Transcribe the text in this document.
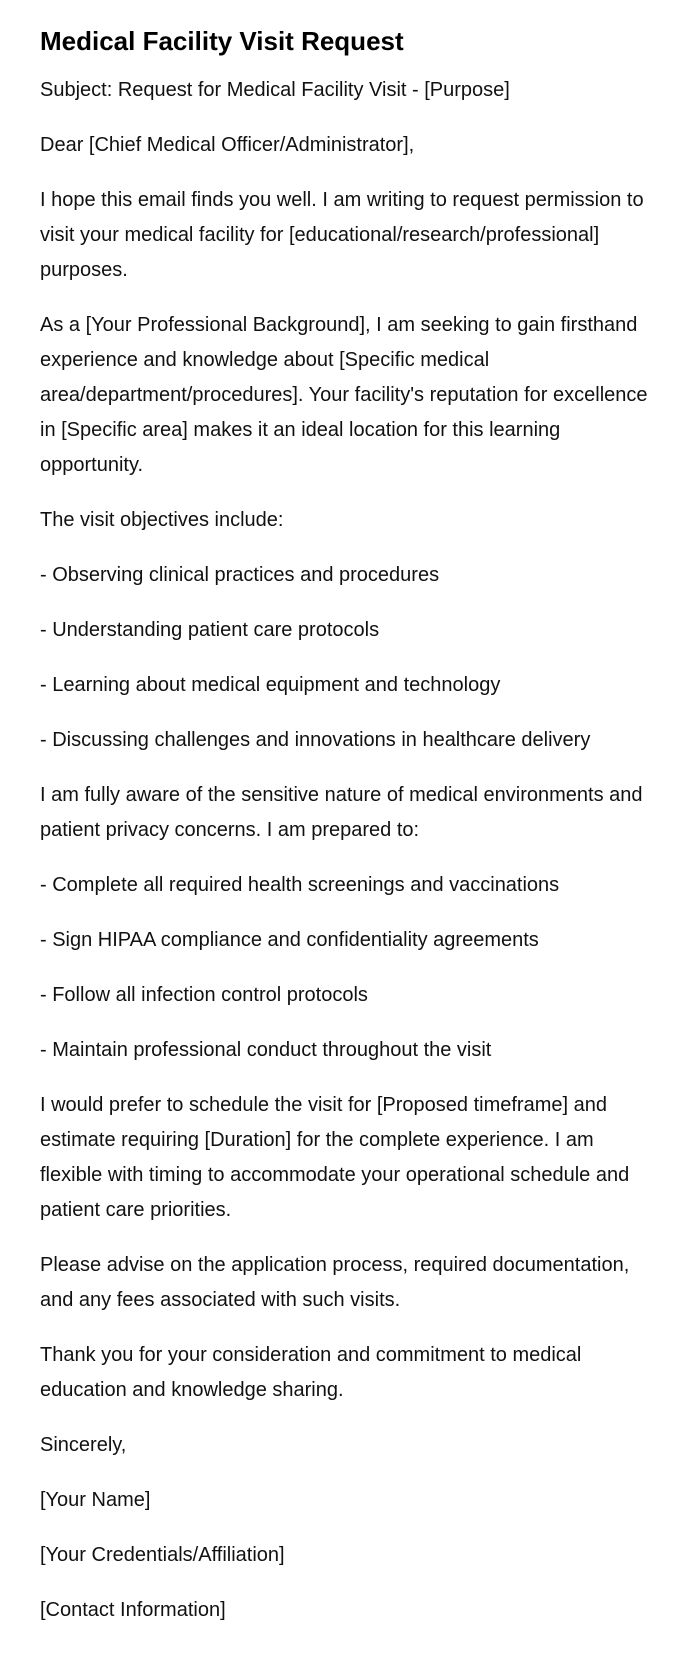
Medical Facility Visit Request

Subject: Request for Medical Facility Visit - [Purpose]

Dear [Chief Medical Officer/Administrator],

I hope this email finds you well. I am writing to request permission to visit your medical facility for [educational/research/professional] purposes.

As a [Your Professional Background], I am seeking to gain firsthand experience and knowledge about [Specific medical area/department/procedures]. Your facility's reputation for excellence in [Specific area] makes it an ideal location for this learning opportunity.

The visit objectives include:

- Observing clinical practices and procedures

- Understanding patient care protocols

- Learning about medical equipment and technology

- Discussing challenges and innovations in healthcare delivery

I am fully aware of the sensitive nature of medical environments and patient privacy concerns. I am prepared to:

- Complete all required health screenings and vaccinations

- Sign HIPAA compliance and confidentiality agreements

- Follow all infection control protocols

- Maintain professional conduct throughout the visit

I would prefer to schedule the visit for [Proposed timeframe] and estimate requiring [Duration] for the complete experience. I am flexible with timing to accommodate your operational schedule and patient care priorities.

Please advise on the application process, required documentation, and any fees associated with such visits.

Thank you for your consideration and commitment to medical education and knowledge sharing.

Sincerely,

[Your Name]

[Your Credentials/Affiliation]

[Contact Information]
